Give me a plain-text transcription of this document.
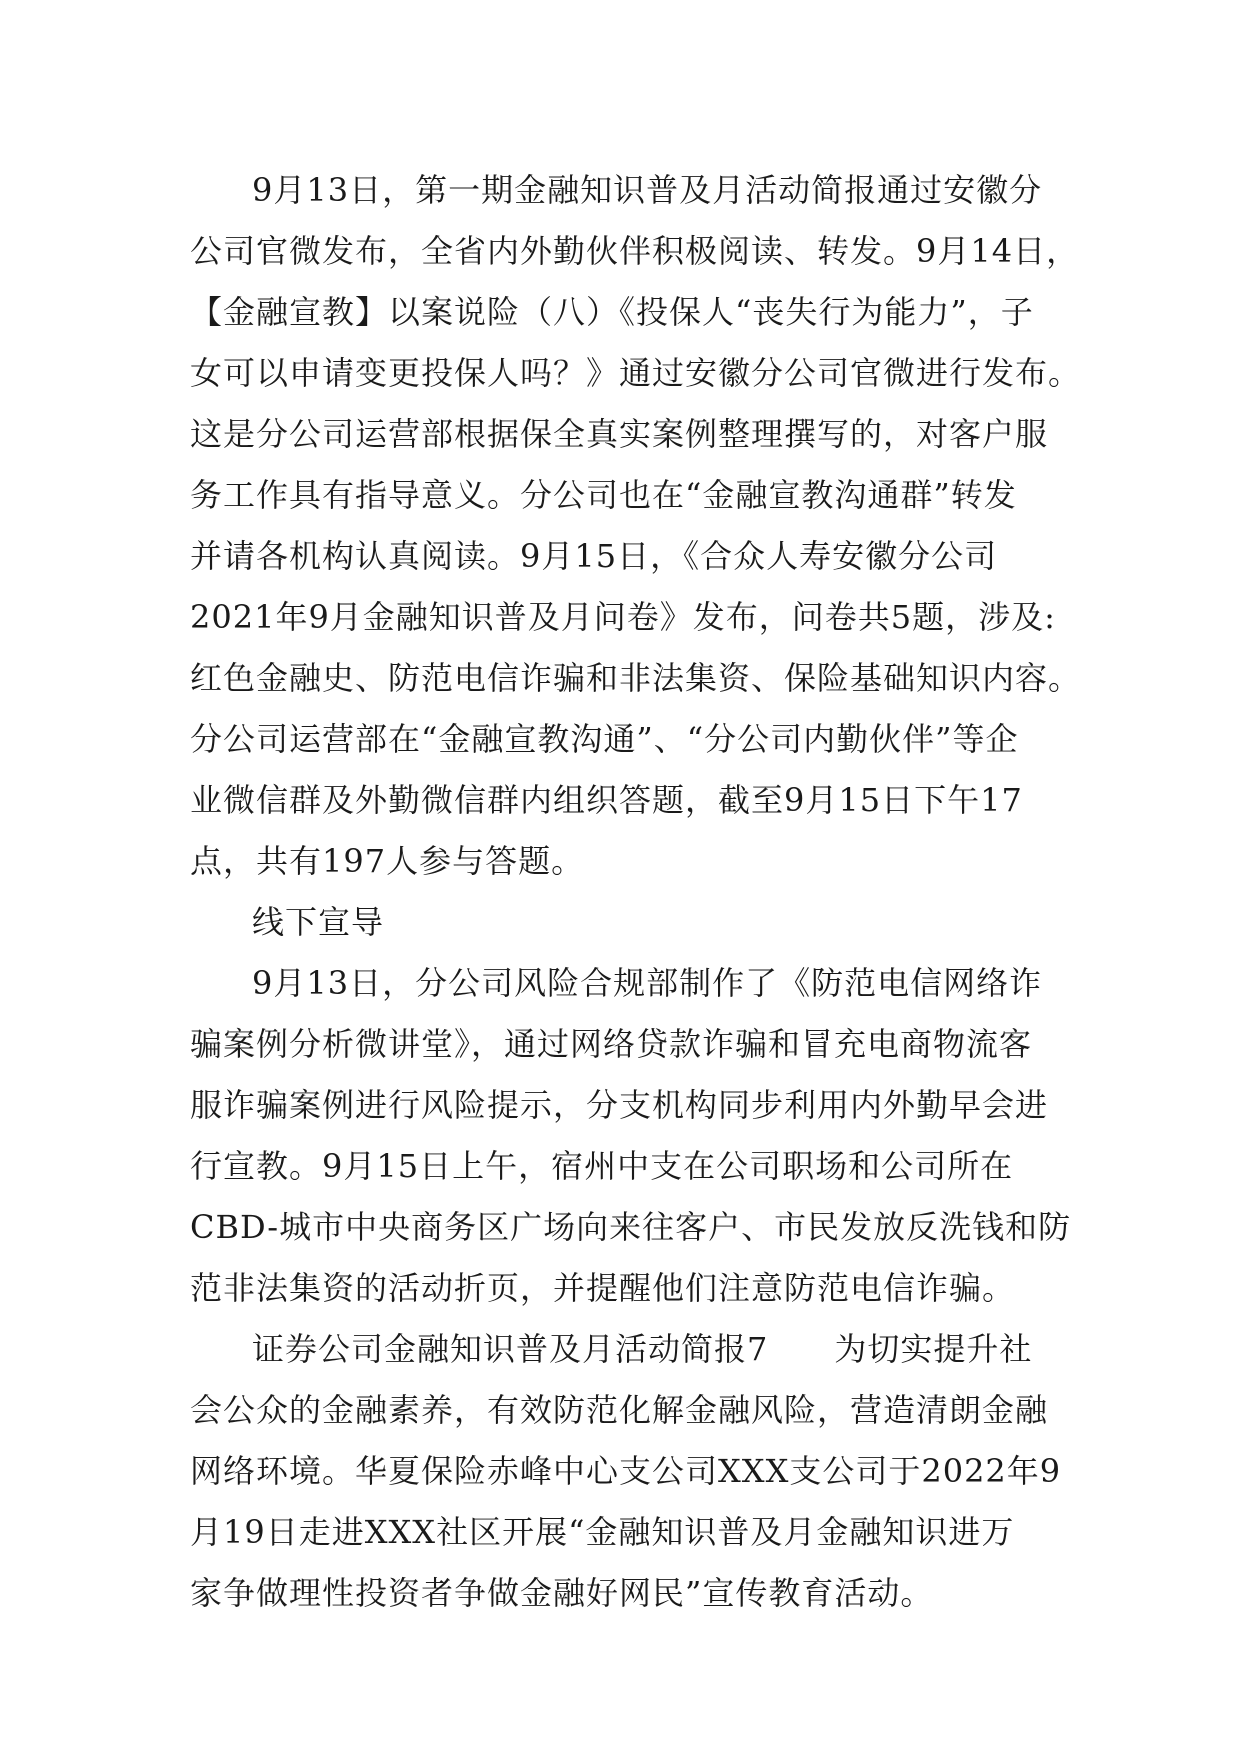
9月13日，第一期金融知识普及月活动简报通过安徽分
公司官微发布，全省内外勤伙伴积极阅读、转发。9月14日，
【金融宣教】以案说险（八）《投保人“丧失行为能力”，子
女可以申请变更投保人吗？》通过安徽分公司官微进行发布。
这是分公司运营部根据保全真实案例整理撰写的，对客户服
务工作具有指导意义。分公司也在“金融宣教沟通群”转发
并请各机构认真阅读。9月15日，《合众人寿安徽分公司
2021年9月金融知识普及月问卷》发布，问卷共5题，涉及:
红色金融史、防范电信诈骗和非法集资、保险基础知识内容。
分公司运营部在“金融宣教沟通”、“分公司内勤伙伴”等企
业微信群及外勤微信群内组织答题，截至9月15日下午17
点，共有197人参与答题。
线下宣导
9月13日，分公司风险合规部制作了《防范电信网络诈
骗案例分析微讲堂》，通过网络贷款诈骗和冒充电商物流客
服诈骗案例进行风险提示，分支机构同步利用内外勤早会进
行宣教。9月15日上午，宿州中支在公司职场和公司所在
CBD-城市中央商务区广场向来往客户、市民发放反洗钱和防
范非法集资的活动折页，并提醒他们注意防范电信诈骗。
证券公司金融知识普及月活动简报7　　为切实提升社
会公众的金融素养，有效防范化解金融风险，营造清朗金融
网络环境。华夏保险赤峰中心支公司XXX支公司于2022年9
月19日走进XXX社区开展“金融知识普及月金融知识进万
家争做理性投资者争做金融好网民”宣传教育活动。
